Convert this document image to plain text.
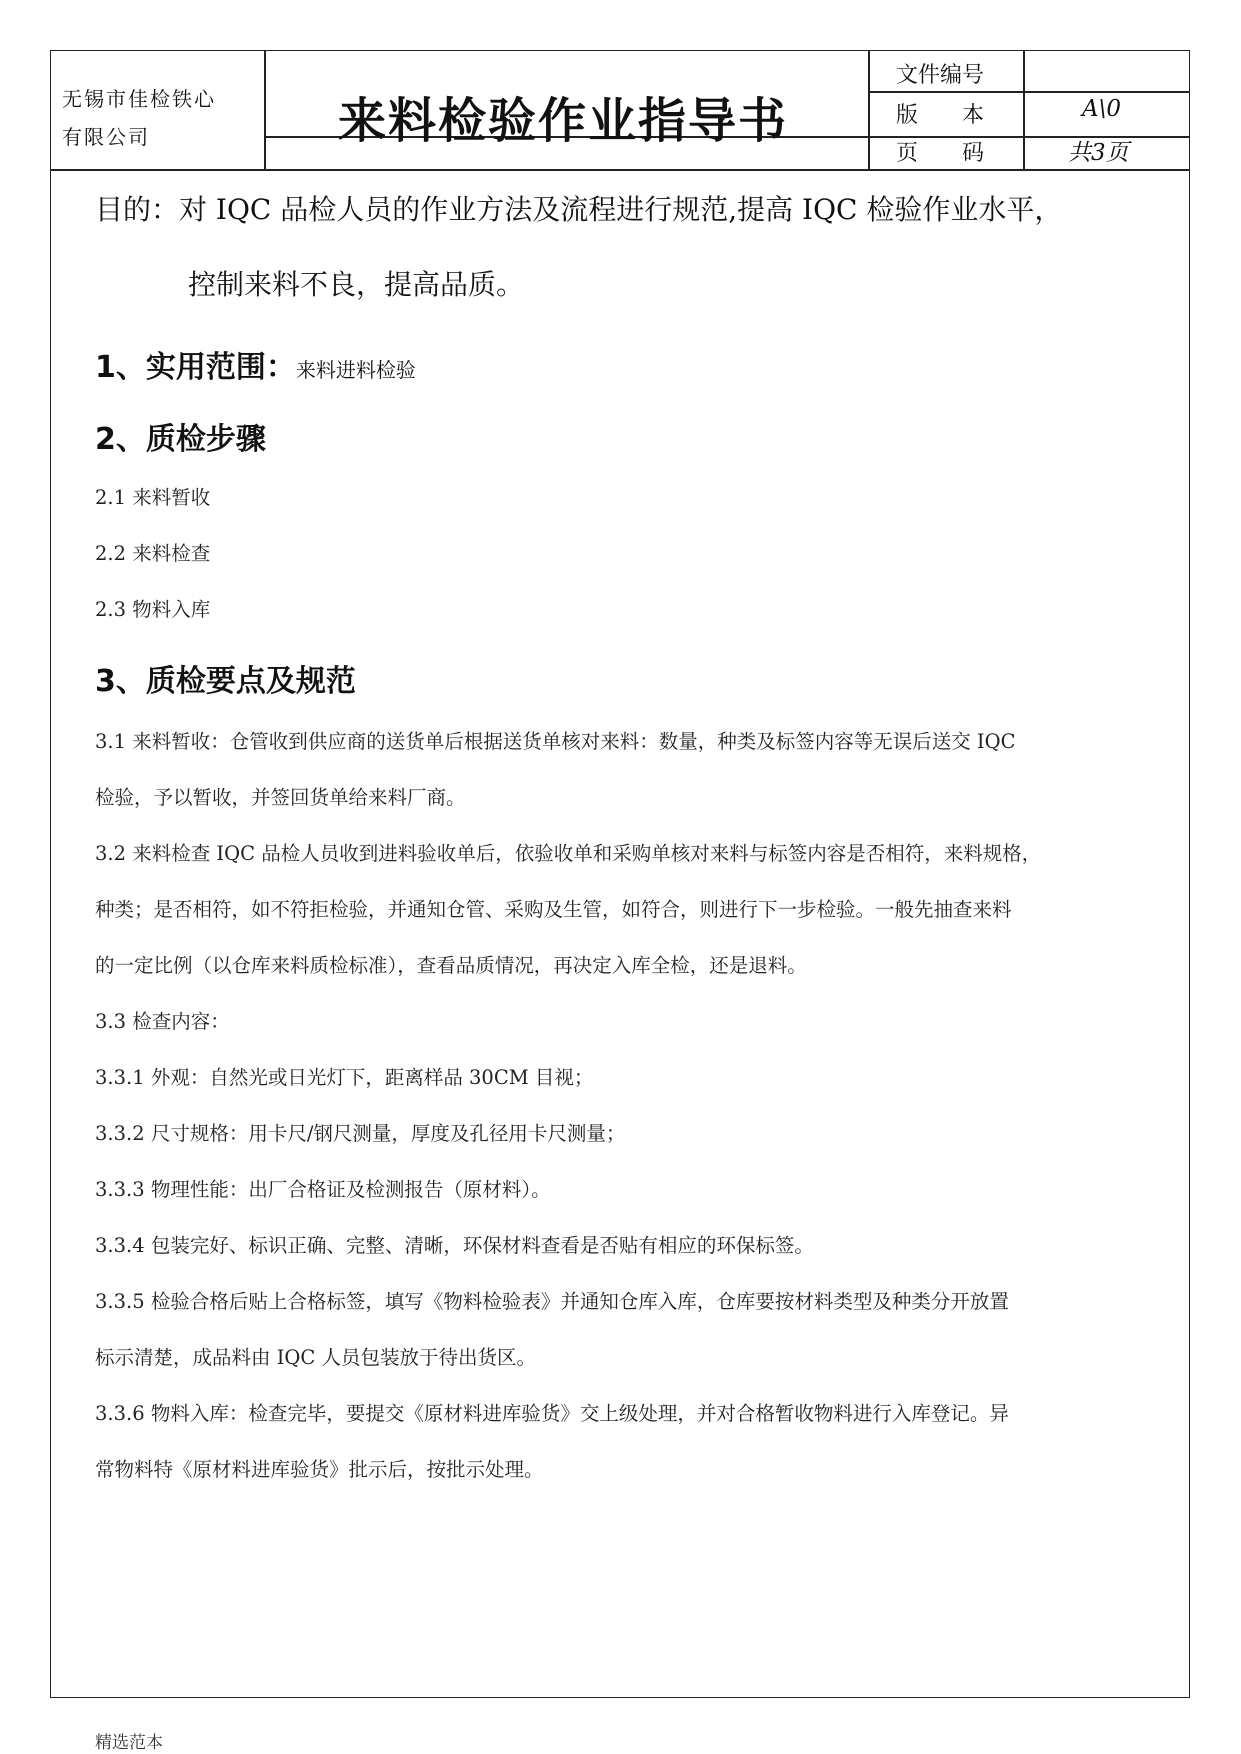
无锡市佳检铁心
有限公司	来料检验作业指导书
文件编号
版　　本	A\0
页　　码	共3页
目的：对 IQC 品检人员的作业方法及流程进行规范,提高 IQC 检验作业水平，
控制来料不良，提高品质。
1、实用范围：来料进料检验
2、质检步骤
2.1 来料暂收
2.2 来料检查
2.3 物料入库
3、质检要点及规范
3.1 来料暂收：仓管收到供应商的送货单后根据送货单核对来料：数量，种类及标签内容等无误后送交 IQC
检验，予以暂收，并签回货单给来料厂商。
3.2 来料检查 IQC 品检人员收到进料验收单后，依验收单和采购单核对来料与标签内容是否相符，来料规格，
种类；是否相符，如不符拒检验，并通知仓管、采购及生管，如符合，则进行下一步检验。一般先抽查来料
的一定比例（以仓库来料质检标准），查看品质情况，再决定入库全检，还是退料。
3.3 检查内容：
3.3.1 外观：自然光或日光灯下，距离样品 30CM 目视；
3.3.2 尺寸规格：用卡尺/钢尺测量，厚度及孔径用卡尺测量；
3.3.3 物理性能：出厂合格证及检测报告（原材料）。
3.3.4 包装完好、标识正确、完整、清晰，环保材料查看是否贴有相应的环保标签。
3.3.5 检验合格后贴上合格标签，填写《物料检验表》并通知仓库入库，仓库要按材料类型及种类分开放置
标示清楚，成品料由 IQC 人员包装放于待出货区。
3.3.6 物料入库：检查完毕，要提交《原材料进库验货》交上级处理，并对合格暂收物料进行入库登记。异
常物料特《原材料进库验货》批示后，按批示处理。
精选范本
